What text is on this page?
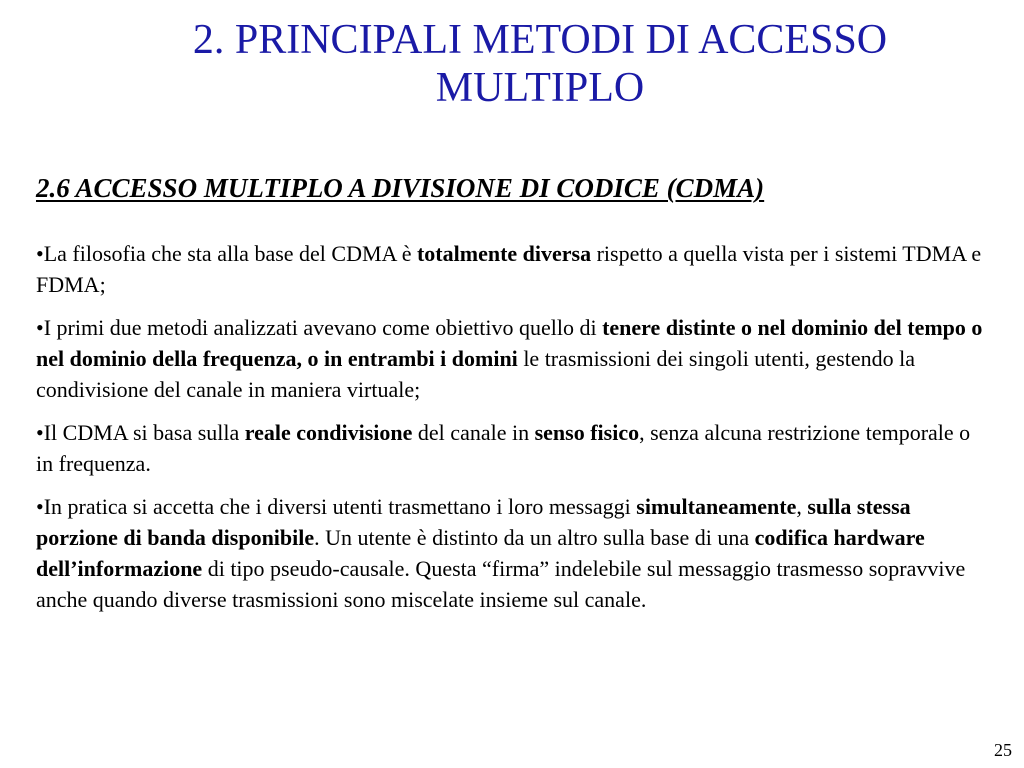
2. PRINCIPALI METODI DI ACCESSO
MULTIPLO
2.6 ACCESSO MULTIPLO A DIVISIONE DI CODICE (CDMA)

•La filosofia che sta alla base del CDMA è totalmente diversa rispetto a quella vista per i sistemi TDMA e FDMA;

•I primi due metodi analizzati avevano come obiettivo quello di tenere distinte o nel dominio del tempo o nel dominio della frequenza, o in entrambi i domini le trasmissioni dei singoli utenti, gestendo la condivisione del canale in maniera virtuale;

•Il CDMA si basa sulla reale condivisione del canale in senso fisico, senza alcuna restrizione temporale o in frequenza.

•In pratica si accetta che i diversi utenti trasmettano i loro messaggi simultaneamente, sulla stessa porzione di banda disponibile. Un utente è distinto da un altro sulla base di una codifica hardware dell’informazione di tipo pseudo-causale. Questa “firma” indelebile sul messaggio trasmesso sopravvive anche quando diverse trasmissioni sono miscelate insieme sul canale.

25
